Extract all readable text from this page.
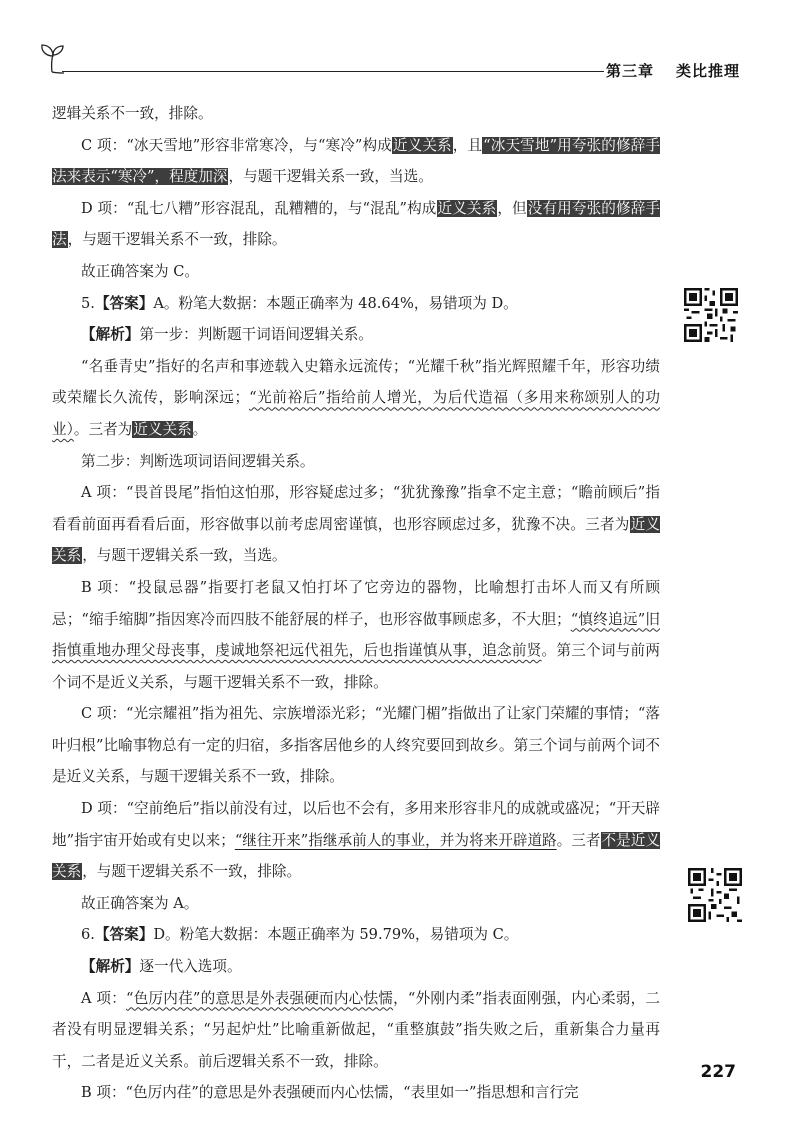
第三章 类比推理

逻辑关系不一致，排除。

C 项：“冰天雪地”形容非常寒冷，与“寒冷”构成近义关系，且“冰天雪地”用夸张的修辞手法来表示“寒冷”，程度加深，与题干逻辑关系一致，当选。

D 项：“乱七八糟”形容混乱，乱糟糟的，与“混乱”构成近义关系，但没有用夸张的修辞手法，与题干逻辑关系不一致，排除。

故正确答案为 C。

5.【答案】A。粉笔大数据：本题正确率为 48.64%，易错项为 D。

【解析】第一步：判断题干词语间逻辑关系。

“名垂青史”指好的名声和事迹载入史籍永远流传；“光耀千秋”指光辉照耀千年，形容功绩或荣耀长久流传，影响深远；“光前裕后”指给前人增光，为后代造福（多用来称颂别人的功业）。三者为近义关系。

第二步：判断选项词语间逻辑关系。

A 项：“畏首畏尾”指怕这怕那，形容疑虑过多；“犹犹豫豫”指拿不定主意；“瞻前顾后”指看看前面再看看后面，形容做事以前考虑周密谨慎，也形容顾虑过多，犹豫不决。三者为近义关系，与题干逻辑关系一致，当选。

B 项：“投鼠忌器”指要打老鼠又怕打坏了它旁边的器物，比喻想打击坏人而又有所顾忌；“缩手缩脚”指因寒冷而四肢不能舒展的样子，也形容做事顾虑多，不大胆；“慎终追远”旧指慎重地办理父母丧事，虔诚地祭祀远代祖先，后也指谨慎从事，追念前贤。第三个词与前两个词不是近义关系，与题干逻辑关系不一致，排除。

C 项：“光宗耀祖”指为祖先、宗族增添光彩；“光耀门楣”指做出了让家门荣耀的事情；“落叶归根”比喻事物总有一定的归宿，多指客居他乡的人终究要回到故乡。第三个词与前两个词不是近义关系，与题干逻辑关系不一致，排除。

D 项：“空前绝后”指以前没有过，以后也不会有，多用来形容非凡的成就或盛况；“开天辟地”指宇宙开始或有史以来；“继往开来”指继承前人的事业，并为将来开辟道路。三者不是近义关系，与题干逻辑关系不一致，排除。

故正确答案为 A。

6.【答案】D。粉笔大数据：本题正确率为 59.79%，易错项为 C。

【解析】逐一代入选项。

A 项：“色厉内荏”的意思是外表强硬而内心怯懦，“外刚内柔”指表面刚强，内心柔弱，二者没有明显逻辑关系；“另起炉灶”比喻重新做起，“重整旗鼓”指失败之后，重新集合力量再干，二者是近义关系。前后逻辑关系不一致，排除。

B 项：“色厉内荏”的意思是外表强硬而内心怯懦，“表里如一”指思想和言行完

227
